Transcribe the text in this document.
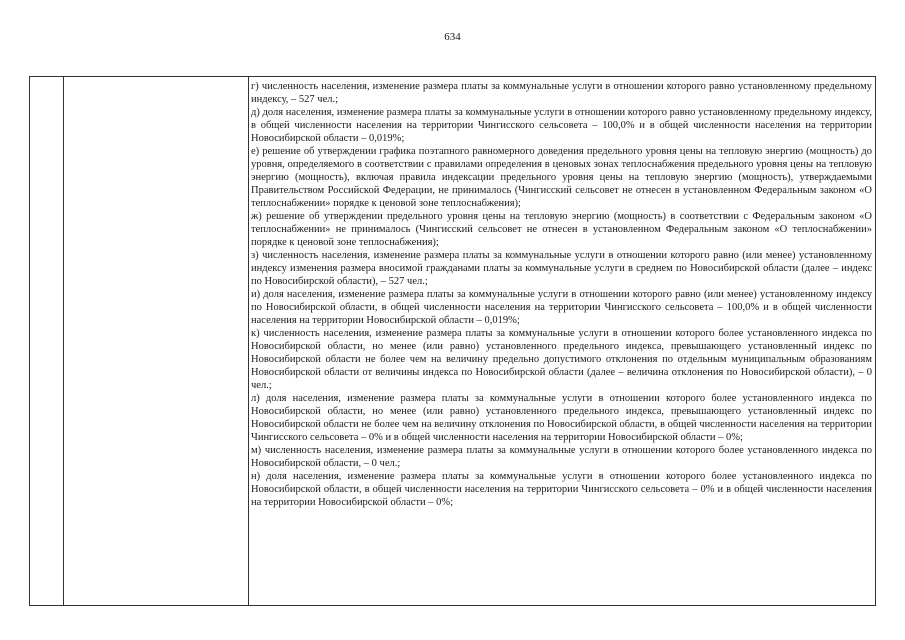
634

г) численность населения, изменение размера платы за коммунальные услуги в отношении которого равно установленному предельному индексу, – 527 чел.;

д) доля населения, изменение размера платы за коммунальные услуги в отношении которого равно установленному предельному индексу, в общей численности населения на территории Чингисского сельсовета – 100,0% и в общей численности населения на территории Новосибирской области – 0,019%;

е) решение об утверждении графика поэтапного равномерного доведения предельного уровня цены на тепловую энергию (мощность) до уровня, определяемого в соответствии с правилами определения в ценовых зонах теплоснабжения предельного уровня цены на тепловую энергию (мощность), включая правила индексации предельного уровня цены на тепловую энергию (мощность), утверждаемыми Правительством Российской Федерации, не принималось (Чингисский сельсовет не отнесен в установленном Федеральным законом «О теплоснабжении» порядке к ценовой зоне теплоснабжения);

ж) решение об утверждении предельного уровня цены на тепловую энергию (мощность) в соответствии с Федеральным законом «О теплоснабжении» не принималось (Чингисский сельсовет не отнесен в установленном Федеральным законом «О теплоснабжении» порядке к ценовой зоне теплоснабжения);

з) численность населения, изменение размера платы за коммунальные услуги в отношении которого равно (или менее) установленному индексу изменения размера вносимой гражданами платы за коммунальные услуги в среднем по Новосибирской области (далее – индекс по Новосибирской области), – 527 чел.;

и) доля населения, изменение размера платы за коммунальные услуги в отношении которого равно (или менее) установленному индексу по Новосибирской области, в общей численности населения на территории Чингисского сельсовета – 100,0% и в общей численности населения на территории Новосибирской области – 0,019%;

к) численность населения, изменение размера платы за коммунальные услуги в отношении которого более установленного индекса по Новосибирской области, но менее (или равно) установленного предельного индекса, превышающего установленный индекс по Новосибирской области не более чем на величину предельно допустимого отклонения по отдельным муниципальным образованиям Новосибирской области от величины индекса по Новосибирской области (далее – величина отклонения по Новосибирской области), – 0 чел.;

л) доля населения, изменение размера платы за коммунальные услуги в отношении которого более установленного индекса по Новосибирской области, но менее (или равно) установленного предельного индекса, превышающего установленный индекс по Новосибирской области не более чем на величину отклонения по Новосибирской области, в общей численности населения на территории Чингисского сельсовета – 0% и в общей численности населения на территории Новосибирской области – 0%;

м) численность населения, изменение размера платы за коммунальные услуги в отношении которого более установленного индекса по Новосибирской области, – 0 чел.;

н) доля населения, изменение размера платы за коммунальные услуги в отношении которого более установленного индекса по Новосибирской области, в общей численности населения на территории Чингисского сельсовета – 0% и в общей численности населения на территории Новосибирской области – 0%;
